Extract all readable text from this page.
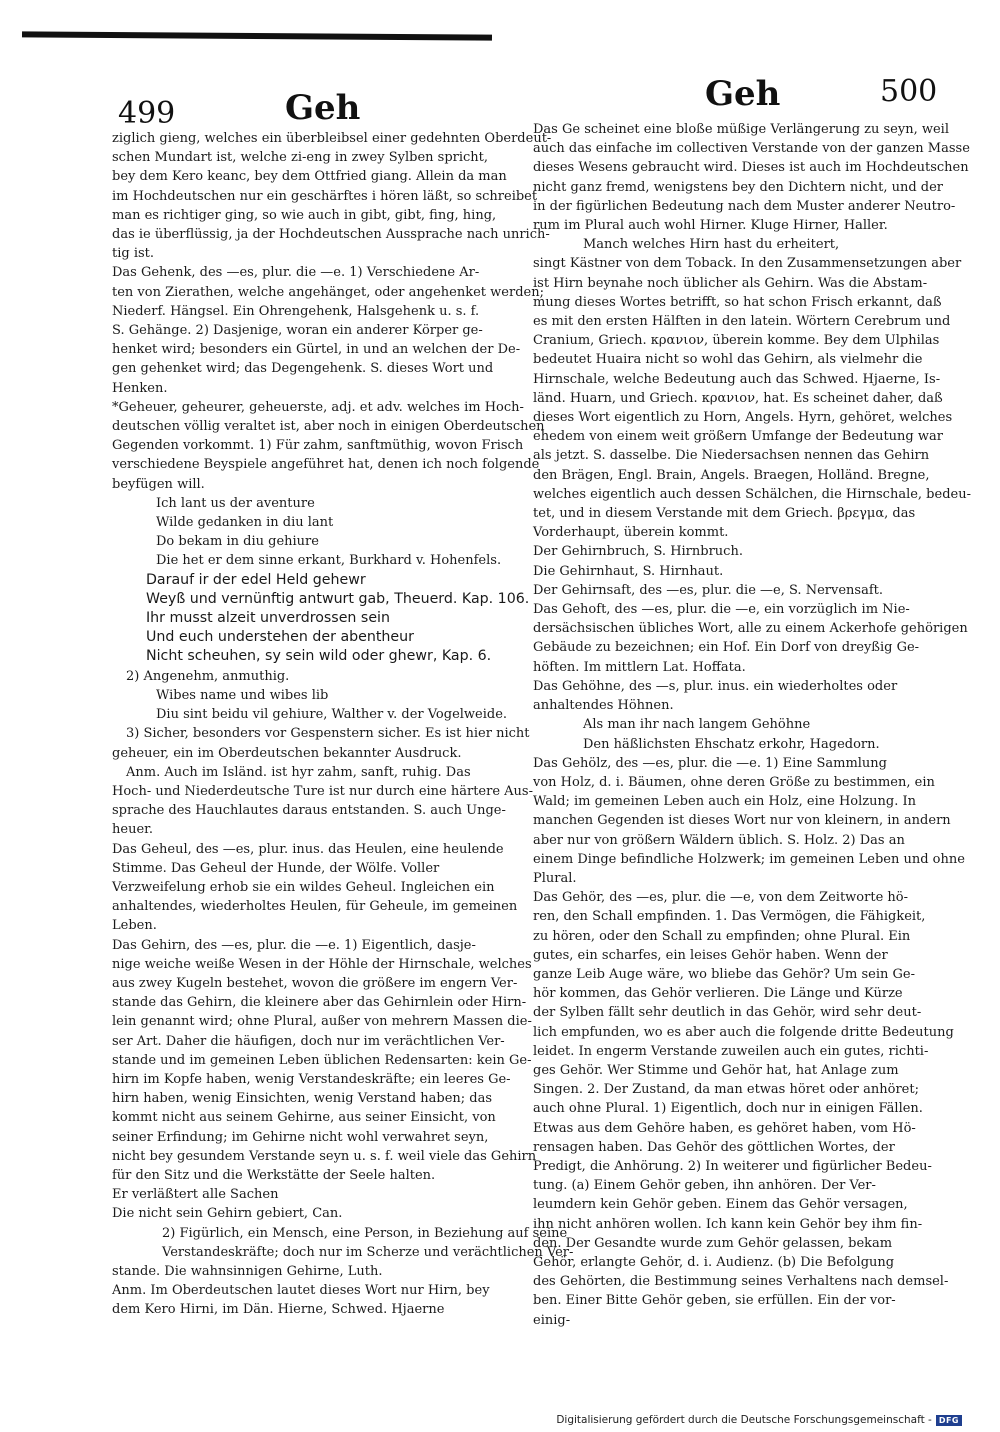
499	Geh	Geh	500
ziglich gieng, welches ein überbleibsel einer gedehnten Oberdeut-
schen Mundart ist, welche zi-eng in zwey Sylben spricht,
bey dem Kero keanc, bey dem Ottfried giang. Allein da man
im Hochdeutschen nur ein geschärftes i hören läßt, so schreibet
man es richtiger ging, so wie auch in gibt, gibt, fing, hing,
das ie überflüssig, ja der Hochdeutschen Aussprache nach unrich-
tig ist.
Das Gehenk, des —es, plur. die —e. 1) Verschiedene Ar-
ten von Zierathen, welche angehänget, oder angehenket werden;
Niederf. Hängsel. Ein Ohrengehenk, Halsgehenk u. s. f.
S. Gehänge. 2) Dasjenige, woran ein anderer Körper ge-
henket wird; besonders ein Gürtel, in und an welchen der De-
gen gehenket wird; das Degengehenk. S. dieses Wort und
Henken.
*Geheuer, geheurer, geheuerste, adj. et adv. welches im Hoch-
deutschen völlig veraltet ist, aber noch in einigen Oberdeutschen
Gegenden vorkommt. 1) Für zahm, sanftmüthig, wovon Frisch
verschiedene Beyspiele angeführet hat, denen ich noch folgende
beyfügen will.
Ich lant us der aventure
Wilde gedanken in diu lant
Do bekam in diu gehiure
Die het er dem sinne erkant, Burkhard v. Hohenfels.
Darauf ir der edel Held gehewr
Weyß und vernünftig antwurt gab, Theuerd. Kap. 106.
Ihr musst alzeit unverdrossen sein
Und euch understehen der abentheur
Nicht scheuhen, sy sein wild oder ghewr, Kap. 6.
2) Angenehm, anmuthig.
Wibes name und wibes lib
Diu sint beidu vil gehiure, Walther v. der Vogelweide.
3) Sicher, besonders vor Gespenstern sicher. Es ist hier nicht
geheuer, ein im Oberdeutschen bekannter Ausdruck.
Anm. Auch im Isländ. ist hyr zahm, sanft, ruhig. Das
Hoch- und Niederdeutsche Ture ist nur durch eine härtere Aus-
sprache des Hauchlautes daraus entstanden. S. auch Unge-
heuer.
Das Geheul, des —es, plur. inus. das Heulen, eine heulende
Stimme. Das Geheul der Hunde, der Wölfe. Voller
Verzweifelung erhob sie ein wildes Geheul. Ingleichen ein
anhaltendes, wiederholtes Heulen, für Geheule, im gemeinen
Leben.
Das Gehirn, des —es, plur. die —e. 1) Eigentlich, dasje-
nige weiche weiße Wesen in der Höhle der Hirnschale, welches
aus zwey Kugeln bestehet, wovon die größere im engern Ver-
stande das Gehirn, die kleinere aber das Gehirnlein oder Hirn-
lein genannt wird; ohne Plural, außer von mehrern Massen die-
ser Art. Daher die häufigen, doch nur im verächtlichen Ver-
stande und im gemeinen Leben üblichen Redensarten: kein Ge-
hirn im Kopfe haben, wenig Verstandeskräfte; ein leeres Ge-
hirn haben, wenig Einsichten, wenig Verstand haben; das
kommt nicht aus seinem Gehirne, aus seiner Einsicht, von
seiner Erfindung; im Gehirne nicht wohl verwahret seyn,
nicht bey gesundem Verstande seyn u. s. f. weil viele das Gehirn
für den Sitz und die Werkstätte der Seele halten.
Er verläßtert alle Sachen
Die nicht sein Gehirn gebiert, Can.
2) Figürlich, ein Mensch, eine Person, in Beziehung auf seine
Verstandeskräfte; doch nur im Scherze und verächtlichen Ver-
stande. Die wahnsinnigen Gehirne, Luth.
Anm. Im Oberdeutschen lautet dieses Wort nur Hirn, bey
dem Kero Hirni, im Dän. Hierne, Schwed. Hjaerne
Das Ge scheinet eine bloße müßige Verlängerung zu seyn, weil
auch das einfache im collectiven Verstande von der ganzen Masse
dieses Wesens gebraucht wird. Dieses ist auch im Hochdeutschen
nicht ganz fremd, wenigstens bey den Dichtern nicht, und der
in der figürlichen Bedeutung nach dem Muster anderer Neutro-
rum im Plural auch wohl Hirner. Kluge Hirner, Haller.
Manch welches Hirn hast du erheitert,
singt Kästner von dem Toback. In den Zusammensetzungen aber
ist Hirn beynahe noch üblicher als Gehirn. Was die Abstam-
mung dieses Wortes betrifft, so hat schon Frisch erkannt, daß
es mit den ersten Hälften in den latein. Wörtern Cerebrum und
Cranium, Griech. κρανιον, überein komme. Bey dem Ulphilas
bedeutet Huaira nicht so wohl das Gehirn, als vielmehr die
Hirnschale, welche Bedeutung auch das Schwed. Hjaerne, Is-
länd. Huarn, und Griech. κρανιον, hat. Es scheinet daher, daß
dieses Wort eigentlich zu Horn, Angels. Hyrn, gehöret, welches
ehedem von einem weit größern Umfange der Bedeutung war
als jetzt. S. dasselbe. Die Niedersachsen nennen das Gehirn
den Brägen, Engl. Brain, Angels. Braegen, Holländ. Bregne,
welches eigentlich auch dessen Schälchen, die Hirnschale, bedeu-
tet, und in diesem Verstande mit dem Griech. βρεγμα, das
Vorderhaupt, überein kommt.
Der Gehirnbruch, S. Hirnbruch.
Die Gehirnhaut, S. Hirnhaut.
Der Gehirnsaft, des —es, plur. die —e, S. Nervensaft.
Das Gehoft, des —es, plur. die —e, ein vorzüglich im Nie-
dersächsischen übliches Wort, alle zu einem Ackerhofe gehörigen
Gebäude zu bezeichnen; ein Hof. Ein Dorf von dreyßig Ge-
höften. Im mittlern Lat. Hoffata.
Das Gehöhne, des —s, plur. inus. ein wiederholtes oder
anhaltendes Höhnen.
Als man ihr nach langem Gehöhne
Den häßlichsten Ehschatz erkohr, Hagedorn.
Das Gehölz, des —es, plur. die —e. 1) Eine Sammlung
von Holz, d. i. Bäumen, ohne deren Größe zu bestimmen, ein
Wald; im gemeinen Leben auch ein Holz, eine Holzung. In
manchen Gegenden ist dieses Wort nur von kleinern, in andern
aber nur von größern Wäldern üblich. S. Holz. 2) Das an
einem Dinge befindliche Holzwerk; im gemeinen Leben und ohne
Plural.
Das Gehör, des —es, plur. die —e, von dem Zeitworte hö-
ren, den Schall empfinden. 1. Das Vermögen, die Fähigkeit,
zu hören, oder den Schall zu empfinden; ohne Plural. Ein
gutes, ein scharfes, ein leises Gehör haben. Wenn der
ganze Leib Auge wäre, wo bliebe das Gehör? Um sein Ge-
hör kommen, das Gehör verlieren. Die Länge und Kürze
der Sylben fällt sehr deutlich in das Gehör, wird sehr deut-
lich empfunden, wo es aber auch die folgende dritte Bedeutung
leidet. In engerm Verstande zuweilen auch ein gutes, richti-
ges Gehör. Wer Stimme und Gehör hat, hat Anlage zum
Singen. 2. Der Zustand, da man etwas höret oder anhöret;
auch ohne Plural. 1) Eigentlich, doch nur in einigen Fällen.
Etwas aus dem Gehöre haben, es gehöret haben, vom Hö-
rensagen haben. Das Gehör des göttlichen Wortes, der
Predigt, die Anhörung. 2) In weiterer und figürlicher Bedeu-
tung. (a) Einem Gehör geben, ihn anhören. Der Ver-
leumdern kein Gehör geben. Einem das Gehör versagen,
ihn nicht anhören wollen. Ich kann kein Gehör bey ihm fin-
den. Der Gesandte wurde zum Gehör gelassen, bekam
Gehör, erlangte Gehör, d. i. Audienz. (b) Die Befolgung
des Gehörten, die Bestimmung seines Verhaltens nach demsel-
ben. Einer Bitte Gehör geben, sie erfüllen. Ein der vor-
einig-
Digitalisierung gefördert durch die Deutsche Forschungsgemeinschaft - DFG
